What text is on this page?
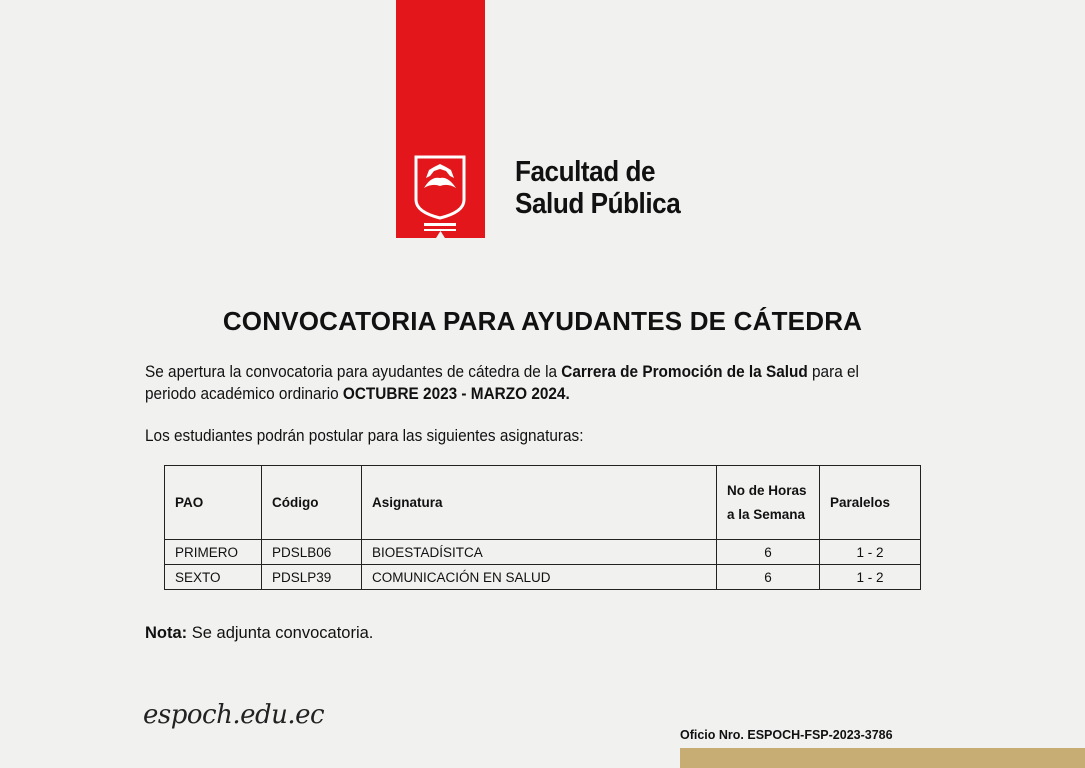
Facultad de
Salud Pública
CONVOCATORIA PARA AYUDANTES DE CÁTEDRA
Se apertura la convocatoria para ayudantes de cátedra de la Carrera de Promoción de la Salud para el periodo académico ordinario OCTUBRE 2023 - MARZO 2024.
Los estudiantes podrán postular para las siguientes asignaturas:
PAO	Código	Asignatura	No de Horas a la Semana	Paralelos
PRIMERO	PDSLB06	BIOESTADÍSITCA	6	1 - 2
SEXTO	PDSLP39	COMUNICACIÓN EN SALUD	6	1 - 2
Nota: Se adjunta convocatoria.
espoch.edu.ec
Oficio Nro. ESPOCH-FSP-2023-3786
